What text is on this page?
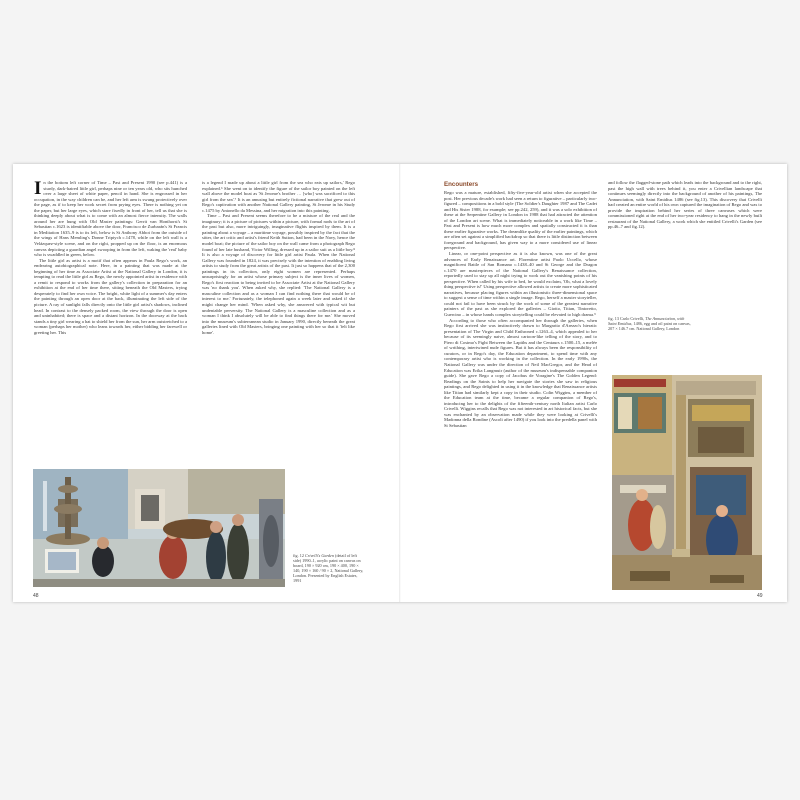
I n the bottom left corner of Time – Past and Present 1990 (see p.441) is a sturdy, dark-haired little girl, perhaps nine or ten years old, who sits hunched over a large sheet of white paper, pencil in hand. She is engrossed in her occupation, in the way children can be, and her left arm is swung protectively over the page, as if to keep her work secret from prying eyes. There is nothing yet on the paper, but her large eyes, which stare fixedly in front of her, tell us that she is thinking deeply about what is to come with an almost fierce intensity. The walls around her are hung with Old Master paintings: Gerrit van Honthorst's St Sebastian c.1623 is identifiable above the door, Francisco de Zurbarán's St Francis in Meditation 1635–9 is to its left, below is St Anthony Abbot from the outside of the wings of Hans Memling's Donne Triptych c.1478, while on the left wall is a Velázquez-style scene, and on the right, propped up on the floor, is an enormous canvas depicting a guardian angel swooping in from the left, waking the 'real' baby who is swaddled in green, below.

The little girl as artist is a motif that often appears in Paula Rego's work, an endearing autobiographical note. Here, in a painting that was made at the beginning of her time as Associate Artist at the National Gallery in London, it is tempting to read the little girl as Rego, the newly appointed artist in residence with a remit to respond to works from the gallery's collection in preparation for an exhibition at the end of her time there, sitting beneath the Old Masters, trying desperately to find her own voice. The bright, white light of a summer's day enters the painting through an open door at the back, illuminating the left side of the picture. A ray of sunlight falls directly onto the little girl artist's shadows, inclined head. In contrast to the densely packed room, the view through the door is open and uninhabited; there is space and a distant horizon. In the doorway at the back stands a tiny girl wearing a hat to shield her from the sun, her arm outstretched to a woman (perhaps her mother) who leans towards her, either bidding her farewell or greeting her. This

is a legend I made up about a little girl from the sea who eats up sailors,' Rego explained.⁶ She went on to identify the figure of the sailor boy painted on the left wall above the model boat as 'St Jerome's brother … [who] was sacrificed to this girl from the sea'.⁷ It is an amusing but entirely fictional narrative that grew out of Rego's captivation with another National Gallery painting, St Jerome in his Study c.1475 by Antonello da Messina, and her migration into this painting.

Time – Past and Present seems therefore to be a mixture of the real and the imaginary; it is a picture of pictures within a picture, with formal nods to the art of the past but also, more intriguingly, imaginative flights inspired by them. It is a painting about a voyage – a maritime voyage, possibly inspired by the fact that the sitter, the art critic and artist's friend Keith Sutton, had been in the Navy, hence the model boat; the picture of the sailor boy on the wall came from a photograph Rego found of her late husband, Victor Willing, dressed up in a sailor suit as a little boy.⁸ It is also a voyage of discovery for little girl artist Paula. When the National Gallery was founded in 1824, it was precisely with the intention of enabling living artists to study from the great artists of the past. It just so happens that of the 2,300 paintings in its collection, only eight women are represented. Perhaps unsurprisingly for an artist whose primary subject is the inner lives of women, Rego's first reaction to being invited to be Associate Artist at the National Gallery was 'no thank you'. When asked why, she replied: 'The National Gallery is a masculine collection and as a woman I can find nothing there that would be of interest to me.' Fortunately, the telephoned again a week later and asked if she might change her mind. 'When asked why, she answered with typical wit but undeniable perversity. The National Gallery is a masculine collection and as a woman I think I absolutely will be able to find things there for me.' She moved into the museum's subterranean studio in January 1990, directly beneath the great galleries lined with Old Masters, bringing one painting with her so that it 'felt like home'.

fig. 12 Crivelli's Garden (detail of left side) 1990–1, acrylic paint on canvas on board, 190 × 920 cm, 190 × 400, 190 × 140, 190 × 160 / 90 × 2, National Gallery, London. Presented by English Estates, 1991
48
Encounters

Rego was a mature, established, fifty-five-year-old artist when she accepted the post. Her previous decade's work had seen a return to figurative – particularly two-figured – compositions in a bold style (The Soldier's Daughter 1987 and The Cadet and His Sister 1988, for example; see pp.242, 259), and it was a solo exhibition of these at the Serpentine Gallery in London in 1988 that had attracted the attention of the London art scene. What is immediately noticeable in a work like Time – Past and Present is how much more complex and spatially constructed it is than these earlier figurative works. The dreamlike quality of the earlier paintings, which are often set against a simplified backdrop so that there is little distinction between foreground and background, has given way to a more considered use of linear perspective.

Linear, or one-point perspective as it is also known, was one of the great advances of Early Renaissance art. Florentine artist Paolo Uccello, whose magnificent Battle of San Romano c.1438–40 and St George and the Dragon c.1470 are masterpieces of the National Gallery's Renaissance collection, reportedly used to stay up all night trying to work out the vanishing points of his perspective. When called by his wife to bed, he would exclaim, 'Oh, what a lovely thing perspective is!' Using perspective allowed artists to create more sophisticated narratives, because placing figures within an illusionistic three-dimensional space to suggest a sense of time within a single image. Rego, herself a master storyteller, could not fail to have been struck by the work of some of the greatest narrative painters of the past as she explored the galleries – Giotto, Titian, Tintoretto, Guercino – in whose hands complex storytelling could be elevated to high drama.⁹

According to those who often accompanied her through the galleries, when Rego first arrived she was instinctively drawn to Margarito d'Arezzo's hieratic presentation of The Virgin and Child Enthroned c.1263–4, which appealed to her because of its seemingly naive, almost cartoon-like telling of the story, and to Piero di Cosimo's Fight Between the Lapiths and the Centaurs c.1500–15, a melée of writhing, intertwined nude figures. But it has always been the responsibility of curators, or in Rego's day, the Education department, to spend time with any contemporary artist who is working in the collection. In the early 1990s, the National Gallery was under the direction of Neil MacGregor, and the Head of Education was Erika Langmuir (author of the museum's indispensable companion guide). She gave Rego a copy of Jacobus de Voragine's The Golden Legend: Readings on the Saints to help her navigate the stories she saw in religious paintings, and Rego delighted in using it in the knowledge that Renaissance artists like Titian had similarly kept a copy in their studio. Colin Wiggins, a member of the Education team at the time, became a regular companion of Rego's, introducing her to the delights of the fifteenth-century north Italian artist Carlo Crivelli. Wiggins recalls that Rego was not interested in art historical facts, but she was enchanted by an observation made while they were looking at Crivelli's Madonna della Rondine (Ascoli after 1490) if you look into the predella panel with St Sebastian

and follow the flagged-stone path which leads into the background and to the right, past the high wall with trees behind it, you enter a Crivellian landscape that continues seemingly directly into the background of another of his paintings, The Annunciation, with Saint Emidius 1486 (see fig.13). This discovery that Crivelli had created an entire world of his own captured the imagination of Rego and was to provide the inspiration behind her series of three canvases which were commissioned right at the end of her two-year residency to hang in the newly built restaurant of the National Gallery, a work which she entitled Crivelli's Garden (see pp.46–7 and fig.12).

fig. 13 Carlo Crivelli, The Annunciation, with Saint Emidius, 1486, egg and oil paint on canvas, 207 × 146.7 cm. National Gallery, London
49
